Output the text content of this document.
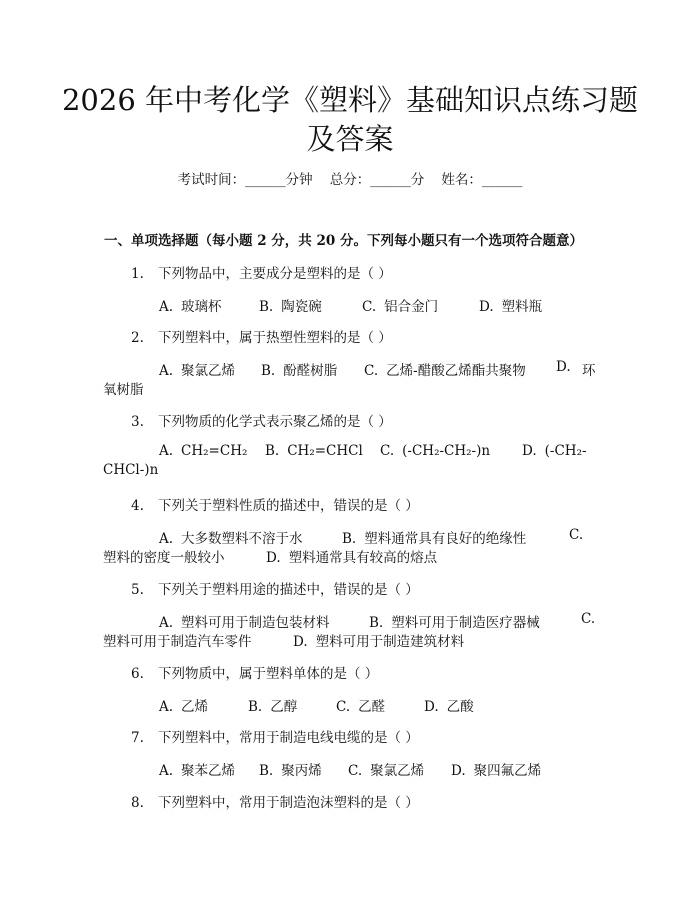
2026 年中考化学《塑料》基础知识点练习题
及答案
考试时间：______分钟    总分：______分    姓名：______
一、单项选择题（每小题 2 分，共 20 分。下列每小题只有一个选项符合题意）
1. 下列物品中，主要成分是塑料的是（ ）
A. 玻璃杯	B. 陶瓷碗	C. 铝合金门	D. 塑料瓶
2. 下列塑料中，属于热塑性塑料的是（ ）
A. 聚氯乙烯 B. 酚醛树脂 C. 乙烯-醋酸乙烯酯共聚物 D. 环
氧树脂
3. 下列物质的化学式表示聚乙烯的是（ ）
A. CH₂=CH₂ B. CH₂=CHCl C. (-CH₂-CH₂-)n D. (-CH₂-
CHCl-)n
4. 下列关于塑料性质的描述中，错误的是（ ）
A. 大多数塑料不溶于水	B. 塑料通常具有良好的绝缘性	C.
塑料的密度一般较小	D. 塑料通常具有较高的熔点
5. 下列关于塑料用途的描述中，错误的是（ ）
A. 塑料可用于制造包装材料	B. 塑料可用于制造医疗器械	C.
塑料可用于制造汽车零件	D. 塑料可用于制造建筑材料
6. 下列物质中，属于塑料单体的是（ ）
A. 乙烯	B. 乙醇	C. 乙醛	D. 乙酸
7. 下列塑料中，常用于制造电线电缆的是（ ）
A. 聚苯乙烯 B. 聚丙烯 C. 聚氯乙烯 D. 聚四氟乙烯
8. 下列塑料中，常用于制造泡沫塑料的是（ ）
